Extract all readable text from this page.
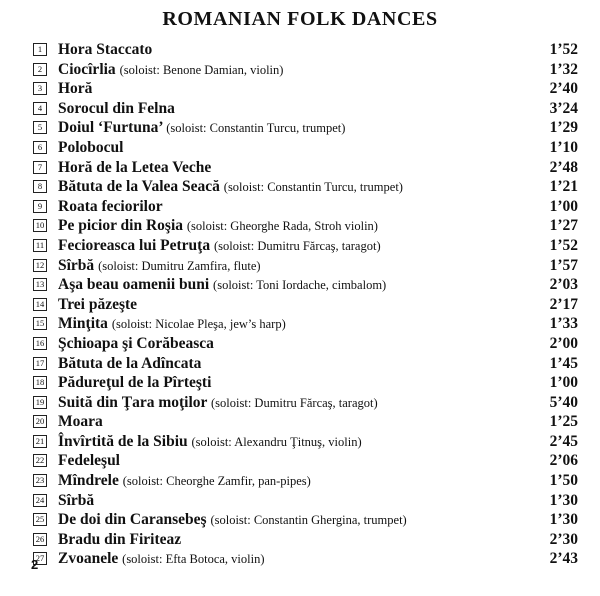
ROMANIAN FOLK DANCES
1	Hora Staccato	1’52
2	Ciocîrlia (soloist: Benone Damian, violin)	1’32
3	Horă	2’40
4	Sorocul din Felna	3’24
5	Doiul ‘Furtuna’ (soloist: Constantin Turcu, trumpet)	1’29
6	Polobocul	1’10
7	Horă de la Letea Veche	2’48
8	Bătuta de la Valea Seacă (soloist: Constantin Turcu, trumpet)	1’21
9	Roata feciorilor	1’00
10 Pe picior din Roşia (soloist: Gheorghe Rada, Stroh violin)	1’27
11 Fecioreasca lui Petruţa (soloist: Dumitru Fărcaş, taragot)	1’52
12 Sîrbă (soloist: Dumitru Zamfira, flute)	1’57
13 Aşa beau oamenii buni (soloist: Toni Iordache, cimbalom)	2’03
14 Trei păzeşte	2’17
15 Minţita (soloist: Nicolae Pleşa, jew’s harp)	1’33
16 Şchioapa şi Corăbeasca	2’00
17 Bătuta de la Adîncata	1’45
18 Pădureţul de la Pîrteşti	1’00
19 Suită din Ţara moţilor (soloist: Dumitru Fărcaş, taragot)	5’40
20 Moara	1’25
21 Învîrtită de la Sibiu (soloist: Alexandru Ţitnuş, violin)	2’45
22 Fedeleşul	2’06
23 Mîndrele (soloist: Cheorghe Zamfir, pan-pipes)	1’50
24 Sîrbă	1’30
25 De doi din Caransebeş (soloist: Constantin Ghergina, trumpet)	1’30
26 Bradu din Firiteaz	2’30
27 Zvoanele (soloist: Efta Botoca, violin)	2’43
2
